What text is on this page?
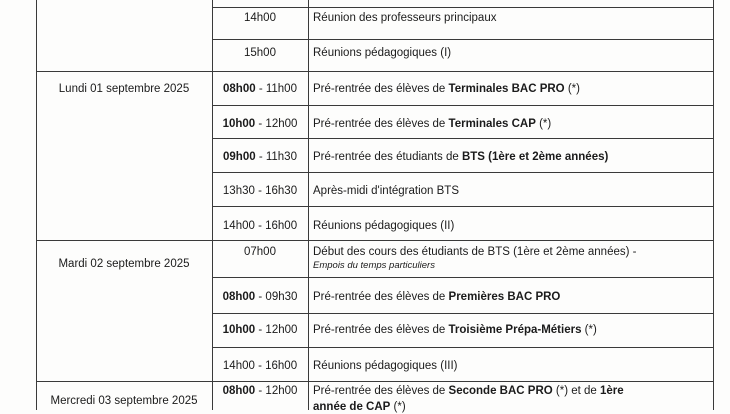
14h00	Réunion des professeurs principaux
15h00	Réunions pédagogiques (I)
Lundi 01 septembre 2025	08h00 - 11h00	Pré-rentrée des élèves de Terminales BAC PRO (*)
10h00 - 12h00	Pré-rentrée des élèves de Terminales CAP (*)
09h00 - 11h30	Pré-rentrée des étudiants de BTS (1ère et 2ème années)
13h30 - 16h30	Après-midi d'intégration BTS
14h00 - 16h00	Réunions pédagogiques (II)
Mardi 02 septembre 2025
07h00	Début des cours des étudiants de BTS (1ère et 2ème années) -
Empois du temps particuliers
08h00 - 09h30	Pré-rentrée des élèves de Premières BAC PRO
10h00 - 12h00	Pré-rentrée des élèves de Troisième Prépa-Métiers (*)
14h00 - 16h00	Réunions pédagogiques (III)
Mercredi 03 septembre 2025
08h00 - 12h00	Pré-rentrée des élèves de Seconde BAC PRO (*) et de 1ère
année de CAP (*)
